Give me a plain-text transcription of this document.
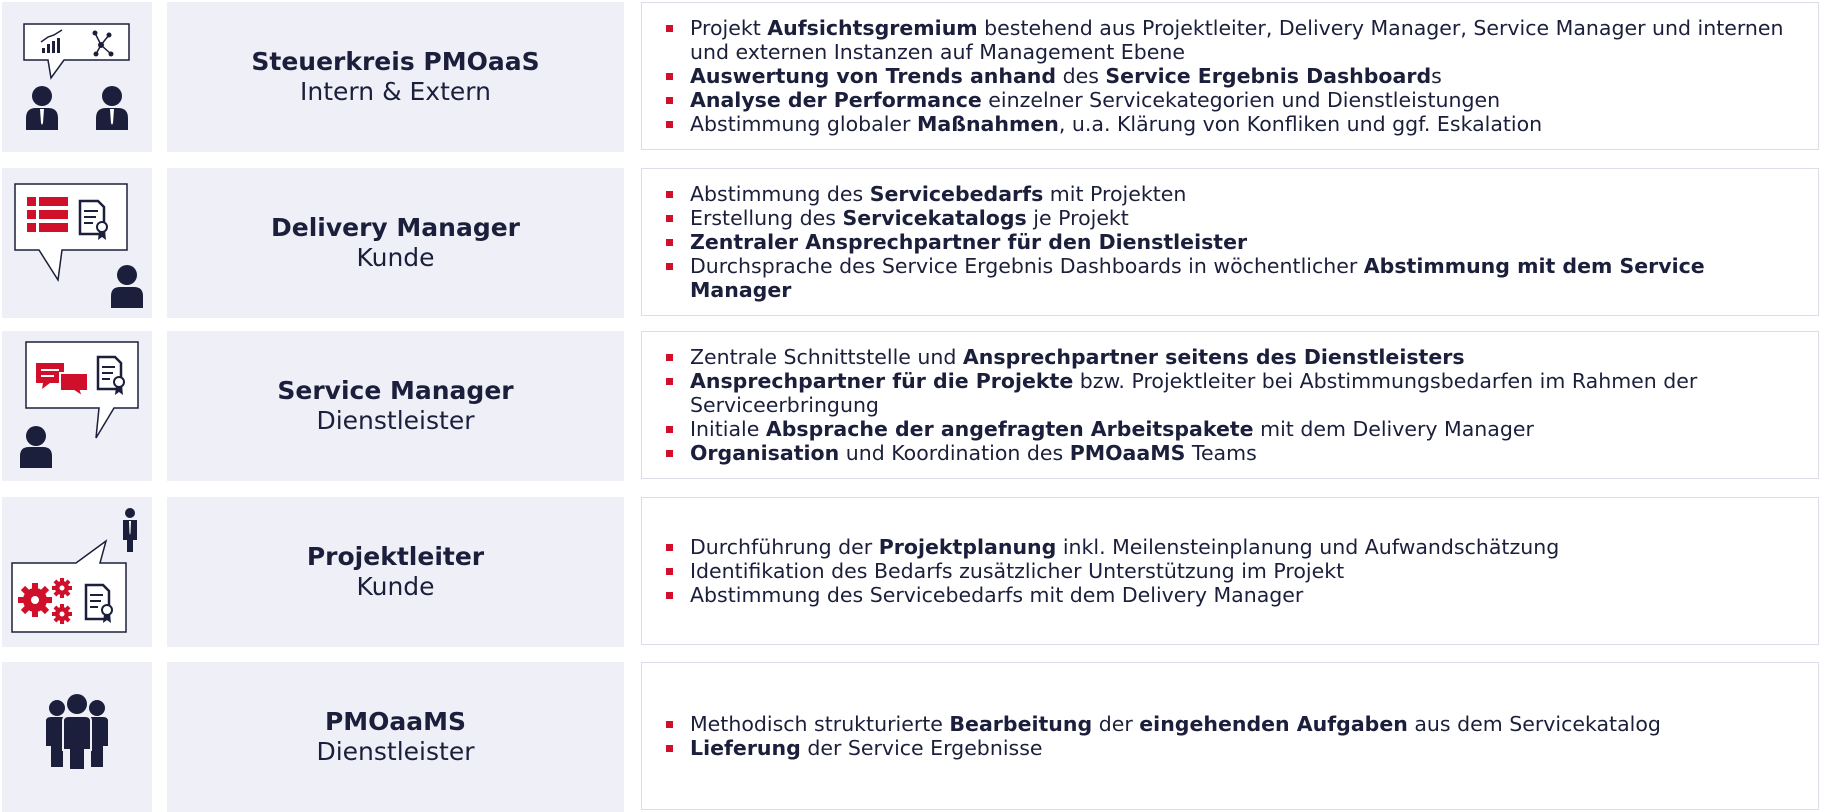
Steuerkreis PMOaaS
Intern & Extern
Projekt Aufsichtsgremium bestehend aus Projektleiter, Delivery Manager, Service Manager und internen und externen Instanzen auf Management Ebene
Auswertung von Trends anhand des Service Ergebnis Dashboards
Analyse der Performance einzelner Servicekategorien und Dienstleistungen
Abstimmung globaler Maßnahmen, u.a. Klärung von Konfliken und ggf. Eskalation
Delivery Manager
Kunde
Abstimmung des Servicebedarfs mit Projekten
Erstellung des Servicekatalogs je Projekt
Zentraler Ansprechpartner für den Dienstleister
Durchsprache des Service Ergebnis Dashboards in wöchentlicher Abstimmung mit dem Service Manager
Service Manager
Dienstleister
Zentrale Schnittstelle und Ansprechpartner seitens des Dienstleisters
Ansprechpartner für die Projekte bzw. Projektleiter bei Abstimmungsbedarfen im Rahmen der Serviceerbringung
Initiale Absprache der angefragten Arbeitspakete mit dem Delivery Manager
Organisation und Koordination des PMOaaMS Teams
Projektleiter
Kunde
Durchführung der Projektplanung inkl. Meilensteinplanung und Aufwandschätzung
Identifikation des Bedarfs zusätzlicher Unterstützung im Projekt
Abstimmung des Servicebedarfs mit dem Delivery Manager
PMOaaMS
Dienstleister
Methodisch strukturierte Bearbeitung der eingehenden Aufgaben aus dem Servicekatalog
Lieferung der Service Ergebnisse
